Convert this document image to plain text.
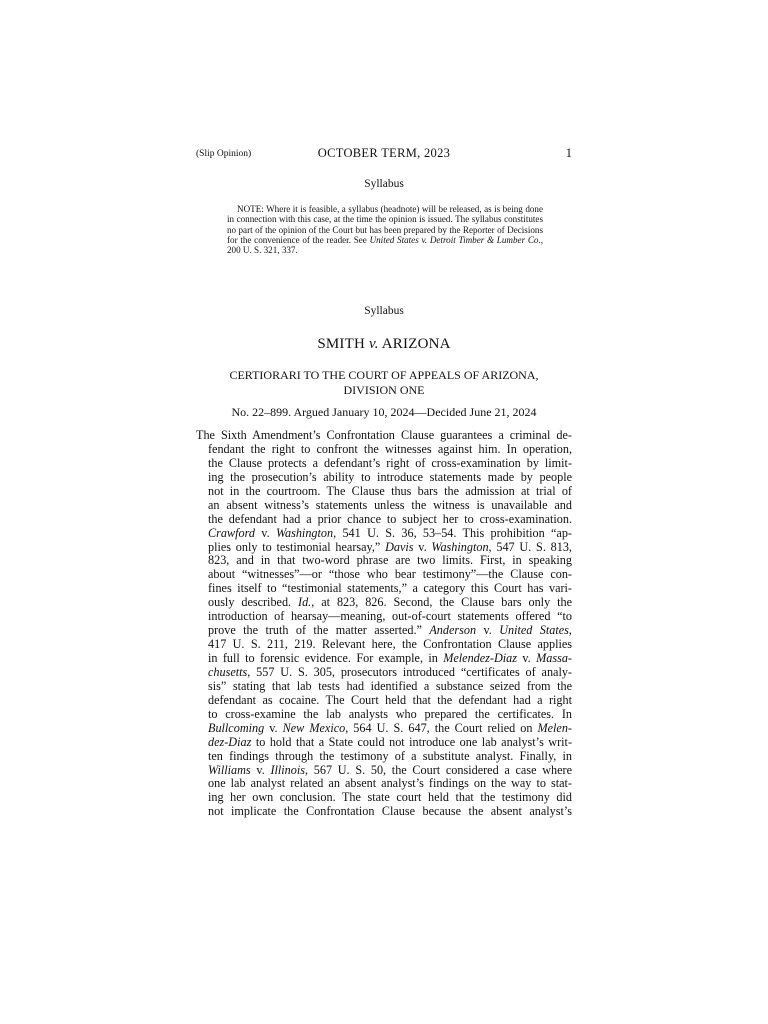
(Slip Opinion)	OCTOBER TERM, 2023	1
Syllabus
NOTE: Where it is feasible, a syllabus (headnote) will be released, as is being done in connection with this case, at the time the opinion is issued. The syllabus constitutes no part of the opinion of the Court but has been prepared by the Reporter of Decisions for the convenience of the reader. See United States v. Detroit Timber & Lumber Co., 200 U. S. 321, 337.
Syllabus
SMITH v. ARIZONA
CERTIORARI TO THE COURT OF APPEALS OF ARIZONA,
DIVISION ONE
No. 22–899. Argued January 10, 2024—Decided June 21, 2024
The Sixth Amendment’s Confrontation Clause guarantees a criminal de-
fendant the right to confront the witnesses against him. In operation,
the Clause protects a defendant’s right of cross-examination by limit-
ing the prosecution’s ability to introduce statements made by people
not in the courtroom. The Clause thus bars the admission at trial of
an absent witness’s statements unless the witness is unavailable and
the defendant had a prior chance to subject her to cross-examination.
Crawford v. Washington, 541 U. S. 36, 53–54. This prohibition “ap-
plies only to testimonial hearsay,” Davis v. Washington, 547 U. S. 813,
823, and in that two-word phrase are two limits. First, in speaking
about “witnesses”—or “those who bear testimony”—the Clause con-
fines itself to “testimonial statements,” a category this Court has vari-
ously described. Id., at 823, 826. Second, the Clause bars only the
introduction of hearsay—meaning, out-of-court statements offered “to
prove the truth of the matter asserted.” Anderson v. United States,
417 U. S. 211, 219. Relevant here, the Confrontation Clause applies
in full to forensic evidence. For example, in Melendez-Diaz v. Massa-
chusetts, 557 U. S. 305, prosecutors introduced “certificates of analy-
sis” stating that lab tests had identified a substance seized from the
defendant as cocaine. The Court held that the defendant had a right
to cross-examine the lab analysts who prepared the certificates. In
Bullcoming v. New Mexico, 564 U. S. 647, the Court relied on Melen-
dez-Diaz to hold that a State could not introduce one lab analyst’s writ-
ten findings through the testimony of a substitute analyst. Finally, in
Williams v. Illinois, 567 U. S. 50, the Court considered a case where
one lab analyst related an absent analyst’s findings on the way to stat-
ing her own conclusion. The state court held that the testimony did
not implicate the Confrontation Clause because the absent analyst’s
